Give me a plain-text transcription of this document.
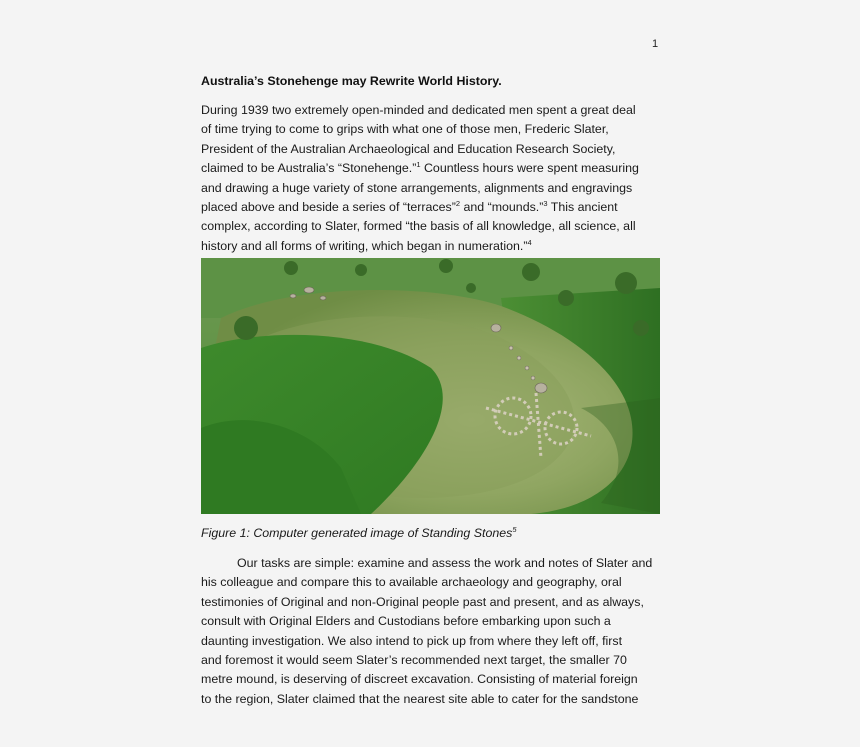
1
Australia’s Stonehenge may Rewrite World History.
During 1939 two extremely open-minded and dedicated men spent a great deal
of time trying to come to grips with what one of those men, Frederic Slater,
President of the Australian Archaeological and Education Research Society,
claimed to be Australia’s “Stonehenge.”$^1$ Countless hours were spent measuring
and drawing a huge variety of stone arrangements, alignments and engravings
placed above and beside a series of “terraces”$^2$ and “mounds.”$^3$ This ancient
complex, according to Slater, formed “the basis of all knowledge, all science, all
history and all forms of writing, which began in numeration.”$^4$
Figure 1: Computer generated image of Standing Stones$^5$
Our tasks are simple: examine and assess the work and notes of Slater and
his colleague and compare this to available archaeology and geography, oral
testimonies of Original and non-Original people past and present, and as always,
consult with Original Elders and Custodians before embarking upon such a
daunting investigation. We also intend to pick up from where they left off, first
and foremost it would seem Slater’s recommended next target, the smaller 70
metre mound, is deserving of discreet excavation. Consisting of material foreign
to the region, Slater claimed that the nearest site able to cater for the sandstone
